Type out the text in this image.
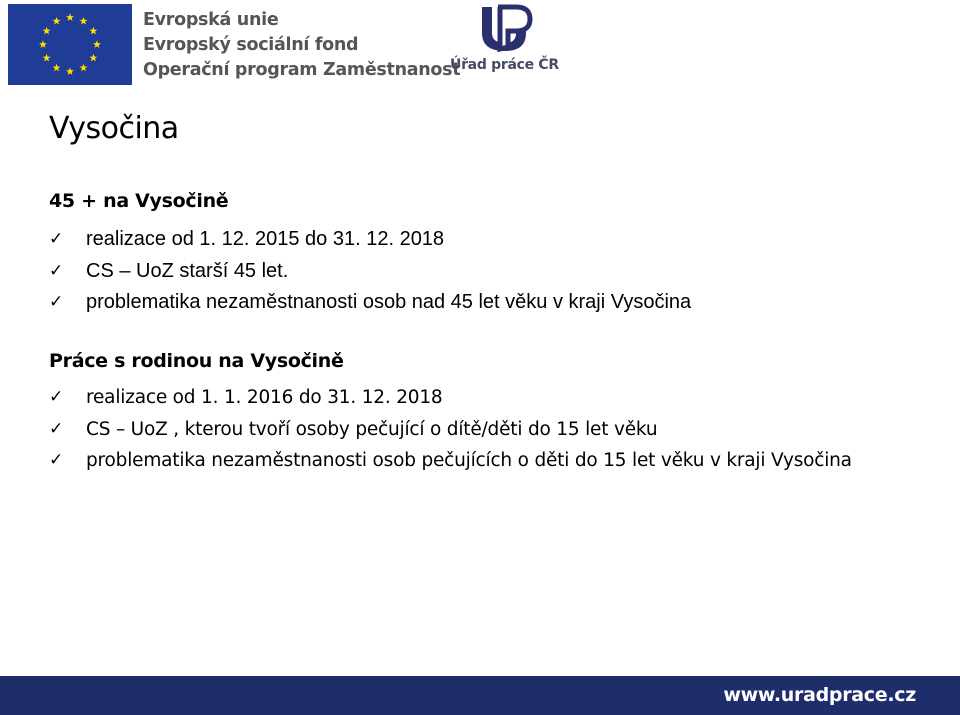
Evropská unie
Evropský sociální fond
Operační program Zaměstnanost
Úřad práce ČR
Vysočina
45 + na Vysočině
✓ realizace od 1. 12. 2015 do 31. 12. 2018
✓ CS – UoZ starší 45 let.
✓ problematika nezaměstnanosti osob nad 45 let věku v kraji Vysočina
Práce s rodinou na Vysočině
✓ realizace od 1. 1. 2016 do 31. 12. 2018
✓ CS – UoZ , kterou tvoří osoby pečující o dítě/děti do 15 let věku
✓ problematika nezaměstnanosti osob pečujících o děti do 15 let věku v kraji Vysočina
www.uradprace.cz
